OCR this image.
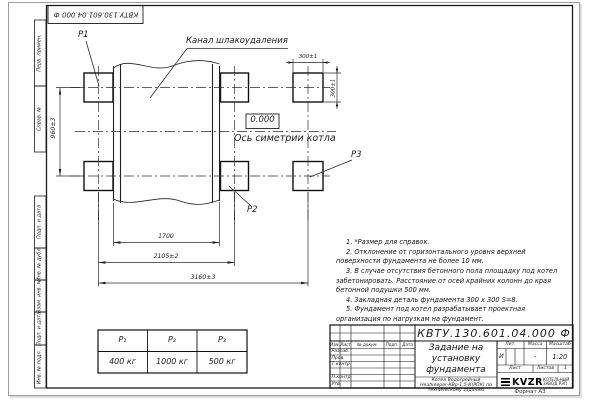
КВТУ.130.601.04.000 Ф
Перв. примен.
Справ. №
Подп. и дата
Инв. № дубл.
Взам. инв. №
Подп. и дата
Инв. № подл.
P1
Канал шлакоудаления
0.000
Ось симетрии котла
P2
P3
960±3
1700
2105±2
3160±3
300±1
300±1

1. *Размер для справок.

2. Отклонение от горизонтального уровня верхней поверхности фундамента не более 10 мм.

3. В случае отсутствия бетонного пола площадку под котел забетонировать. Расстояние от осей крайних колонн до края бетонной подушки 500 мм.

4. Закладная деталь фундамента 300 х 300 S=8.

5. Фундамент под котел разрабатывает проектная организация по нагрузкам на фундамент.

P₁	P₂	P₃
400 кг	1000 кг	500 кг
КВТУ.130.601.04.000 Ф
Изм. Лист	№ докум.	Подп. Дата
Разраб.
Пров.
Т.контр.
Н.контр.
Утв.
Задание на установку фундамента
Котел Водогрейный Heatkeeper-КВр-1,5-К(РПК) по техническому заданию
Лит.	Масса	Масштаб
И	-	1:20
Лист	Листов	1
KVZR КОТЕЛЬНЫЙ ЗАВОД РЭП
Формат А3
